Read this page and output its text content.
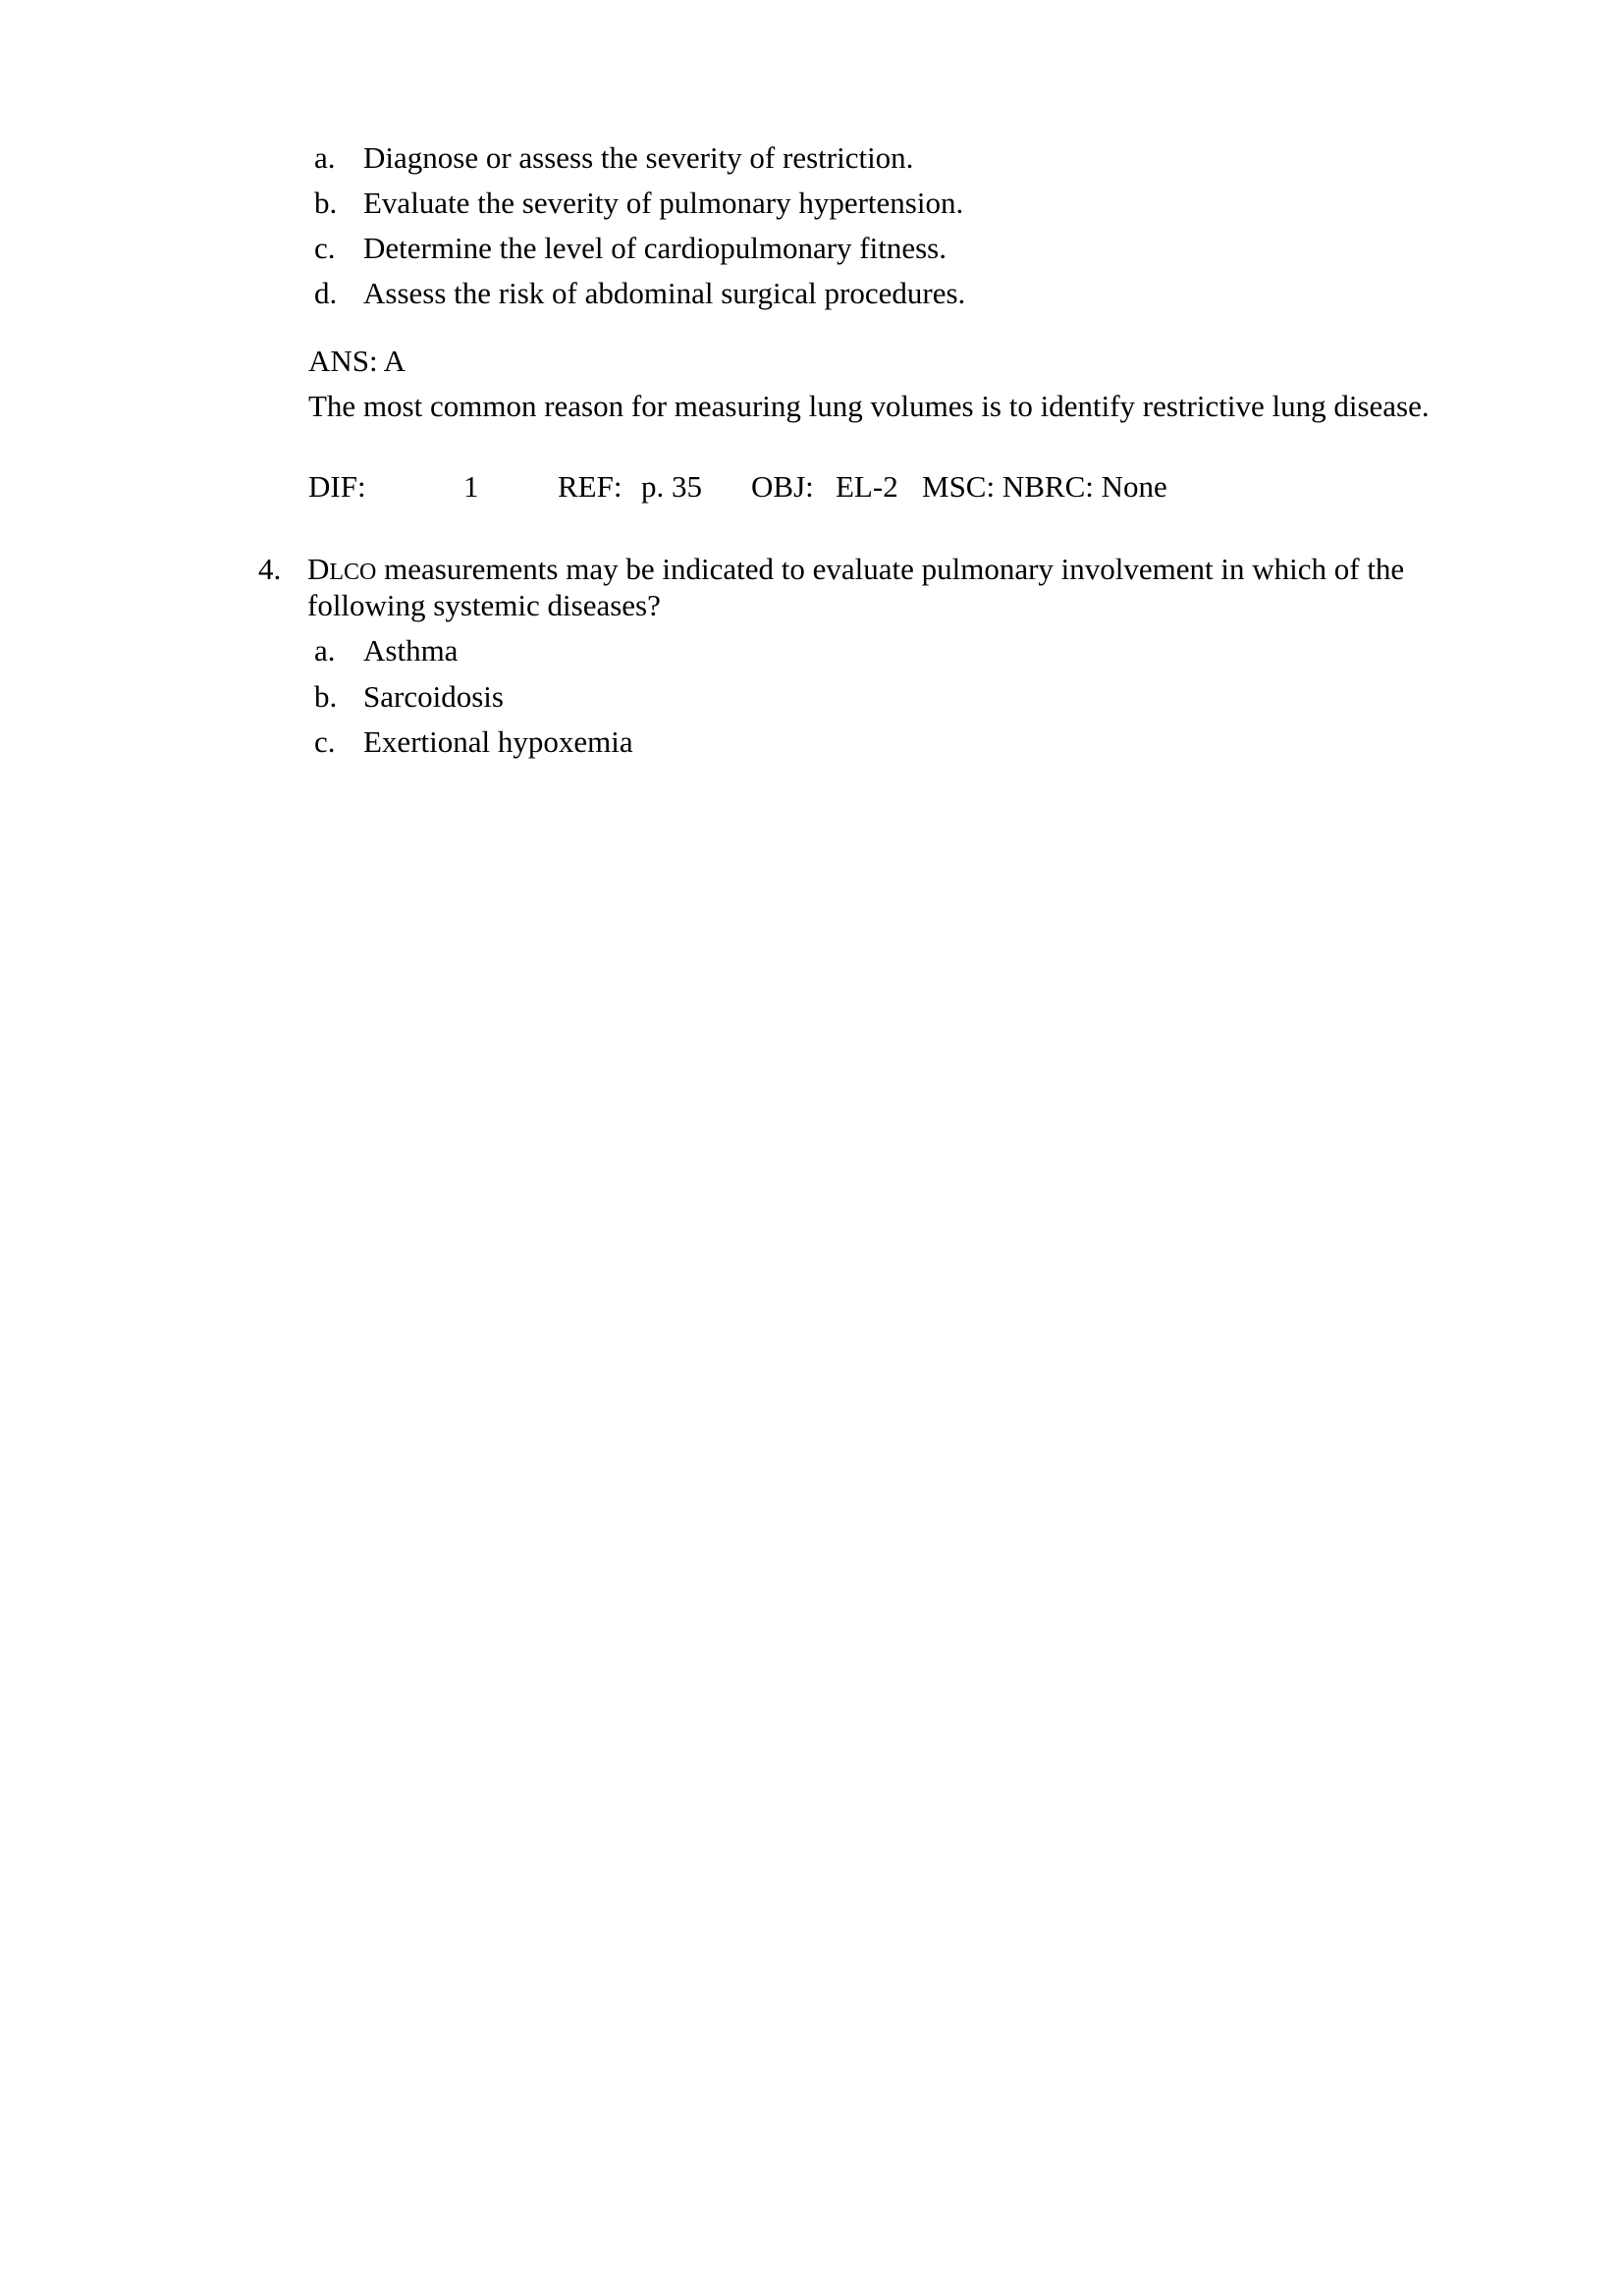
a. Diagnose or assess the severity of restriction.
b. Evaluate the severity of pulmonary hypertension.
c. Determine the level of cardiopulmonary fitness.
d. Assess the risk of abdominal surgical procedures.
ANS: A
The most common reason for measuring lung volumes is to identify restrictive lung disease.
DIF:	1	REF: p. 35 OBJ: EL-2 MSC: NBRC: None
4. DLCO measurements may be indicated to evaluate pulmonary involvement in which of the
following systemic diseases?
a. Asthma
b. Sarcoidosis
c. Exertional hypoxemia
